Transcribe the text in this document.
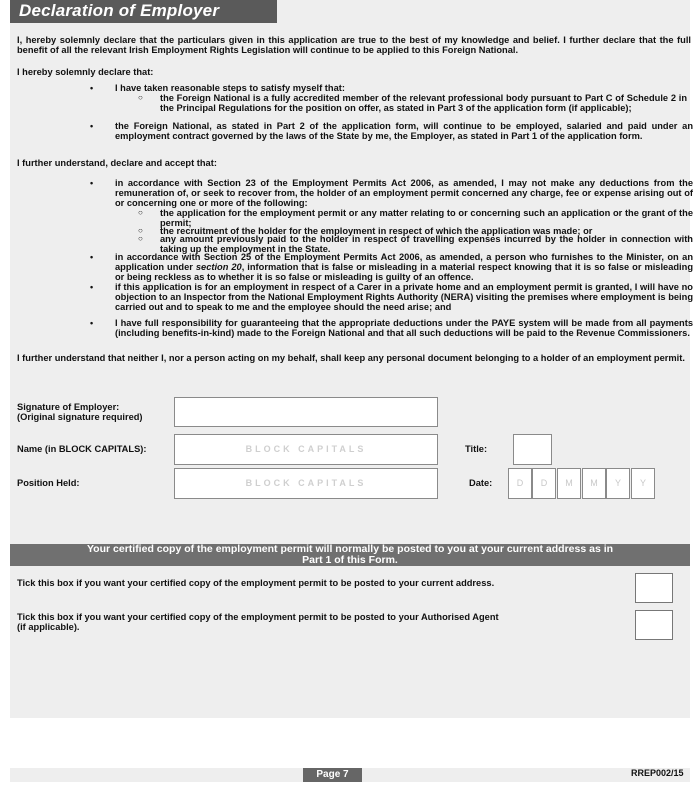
Declaration of Employer
I, hereby solemnly declare that the particulars given in this application are true to the best of my knowledge and belief. I further declare that the full benefit of all the relevant Irish Employment Rights Legislation will continue to be applied to this Foreign National.
I hereby solemnly declare that:
• I have taken reasonable steps to satisfy myself that:
○ the Foreign National is a fully accredited member of the relevant professional body pursuant to Part C of Schedule 2 in the Principal Regulations for the position on offer, as stated in Part 3 of the application form (if applicable);
• the Foreign National, as stated in Part 2 of the application form, will continue to be employed, salaried and paid under an employment contract governed by the laws of the State by me, the Employer, as stated in Part 1 of the application form.
I further understand, declare and accept that:
• in accordance with Section 23 of the Employment Permits Act 2006, as amended, I may not make any deductions from the remuneration of, or seek to recover from, the holder of an employment permit concerned any charge, fee or expense arising out of or concerning one or more of the following:
○ the application for the employment permit or any matter relating to or concerning such an application or the grant of the permit;
○ the recruitment of the holder for the employment in respect of which the application was made; or
○ any amount previously paid to the holder in respect of travelling expenses incurred by the holder in connection with taking up the employment in the State.
• in accordance with Section 25 of the Employment Permits Act 2006, as amended, a person who furnishes to the Minister, on an application under section 20, information that is false or misleading in a material respect knowing that it is so false or misleading or being reckless as to whether it is so false or misleading is guilty of an offence.
• if this application is for an employment in respect of a Carer in a private home and an employment permit is granted, I will have no objection to an Inspector from the National Employment Rights Authority (NERA) visiting the premises where employment is being carried out and to speak to me and the employee should the need arise; and
• I have full responsibility for guaranteeing that the appropriate deductions under the PAYE system will be made from all payments (including benefits-in-kind) made to the Foreign National and that all such deductions will be paid to the Revenue Commissioners.
I further understand that neither I, nor a person acting on my behalf, shall keep any personal document belonging to a holder of an employment permit.
Signature of Employer:
(Original signature required)
Name (in BLOCK CAPITALS):	BLOCK CAPITALS	Title:
Position Held:	BLOCK CAPITALS	Date:	D	D	M	M	Y	Y
Your certified copy of the employment permit will normally be posted to you at your current address as in
Part 1 of this Form.
Tick this box if you want your certified copy of the employment permit to be posted to your current address.
Tick this box if you want your certified copy of the employment permit to be posted to your Authorised Agent
(if applicable).
Page 7	RREP002/15
